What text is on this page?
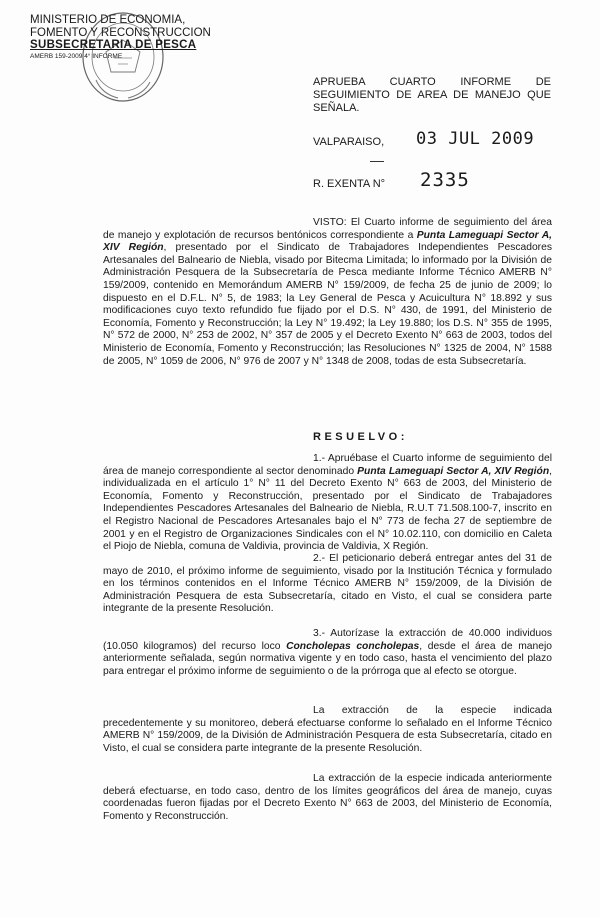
MINISTERIO DE ECONOMIA,
FOMENTO Y RECONSTRUCCION
SUBSECRETARIA DE PESCA
AMERB 159-2009 4° INFORME
APRUEBA CUARTO INFORME DE
SEGUIMIENTO DE AREA DE MANEJO QUE
SEÑALA.
VALPARAISO, 03 JUL 2009
R. EXENTA N° 2335

VISTO: El Cuarto informe de seguimiento del área de manejo y explotación de recursos bentónicos correspondiente a Punta Lameguapi Sector A, XIV Región, presentado por el Sindicato de Trabajadores Independientes Pescadores Artesanales del Balneario de Niebla, visado por Bitecma Limitada; lo informado por la División de Administración Pesquera de la Subsecretaría de Pesca mediante Informe Técnico AMERB N° 159/2009, contenido en Memorándum AMERB N° 159/2009, de fecha 25 de junio de 2009; lo dispuesto en el D.F.L. N° 5, de 1983; la Ley General de Pesca y Acuicultura N° 18.892 y sus modificaciones cuyo texto refundido fue fijado por el D.S. N° 430, de 1991, del Ministerio de Economía, Fomento y Reconstrucción; la Ley N° 19.492; la Ley 19.880; los D.S. N° 355 de 1995, N° 572 de 2000, N° 253 de 2002, N° 357 de 2005 y el Decreto Exento N° 663 de 2003, todos del Ministerio de Economía, Fomento y Reconstrucción; las Resoluciones N° 1325 de 2004, N° 1588 de 2005, N° 1059 de 2006, N° 976 de 2007 y N° 1348 de 2008, todas de esta Subsecretaría.

RESUELVO:

1.- Apruébase el Cuarto informe de seguimiento del área de manejo correspondiente al sector denominado Punta Lameguapi Sector A, XIV Región, individualizada en el artículo 1° N° 11 del Decreto Exento N° 663 de 2003, del Ministerio de Economía, Fomento y Reconstrucción, presentado por el Sindicato de Trabajadores Independientes Pescadores Artesanales del Balneario de Niebla, R.U.T 71.508.100-7, inscrito en el Registro Nacional de Pescadores Artesanales bajo el N° 773 de fecha 27 de septiembre de 2001 y en el Registro de Organizaciones Sindicales con el N° 10.02.110, con domicilio en Caleta el Piojo de Niebla, comuna de Valdivia, provincia de Valdivia, X Región.

2.- El peticionario deberá entregar antes del 31 de mayo de 2010, el próximo informe de seguimiento, visado por la Institución Técnica y formulado en los términos contenidos en el Informe Técnico AMERB N° 159/2009, de la División de Administración Pesquera de esta Subsecretaría, citado en Visto, el cual se considera parte integrante de la presente Resolución.

3.- Autorízase la extracción de 40.000 individuos (10.050 kilogramos) del recurso loco Concholepas concholepas, desde el área de manejo anteriormente señalada, según normativa vigente y en todo caso, hasta el vencimiento del plazo para entregar el próximo informe de seguimiento o de la prórroga que al efecto se otorgue.

La extracción de la especie indicada precedentemente y su monitoreo, deberá efectuarse conforme lo señalado en el Informe Técnico AMERB N° 159/2009, de la División de Administración Pesquera de esta Subsecretaría, citado en Visto, el cual se considera parte integrante de la presente Resolución.

La extracción de la especie indicada anteriormente deberá efectuarse, en todo caso, dentro de los límites geográficos del área de manejo, cuyas coordenadas fueron fijadas por el Decreto Exento N° 663 de 2003, del Ministerio de Economía, Fomento y Reconstrucción.
